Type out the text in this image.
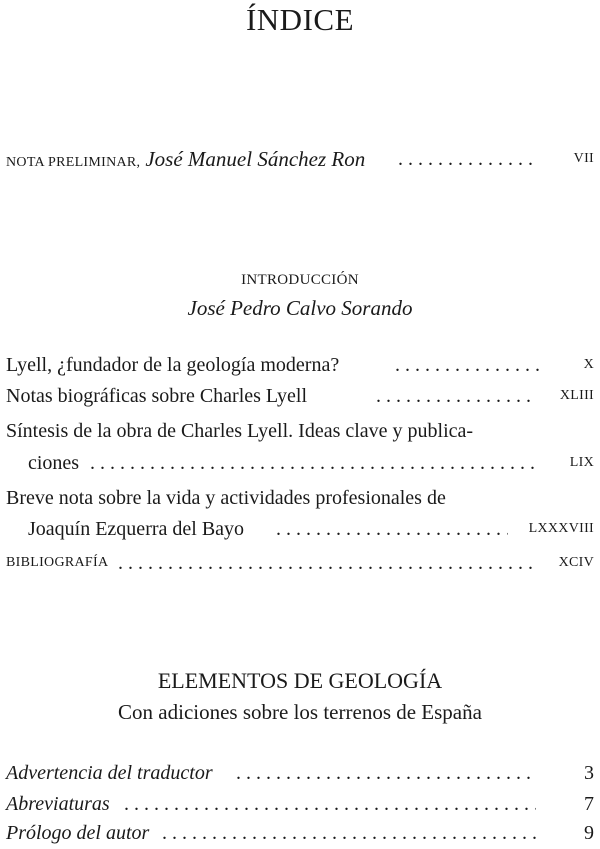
ÍNDICE
NOTA PRELIMINAR, José Manuel Sánchez Ron . . .	VII
INTRODUCCIÓN
José Pedro Calvo Sorando
Lyell, ¿fundador de la geología moderna? . . .	X
Notas biográficas sobre Charles Lyell . . .	XLIII
Síntesis de la obra de Charles Lyell. Ideas clave y publica-
ciones . . .	LIX
Breve nota sobre la vida y actividades profesionales de
Joaquín Ezquerra del Bayo . . .	LXXXVIII
BIBLIOGRAFÍA . . .	XCIV
ELEMENTOS DE GEOLOGÍA
Con adiciones sobre los terrenos de España
Advertencia del traductor . . .	3
Abreviaturas . . .	7
Prólogo del autor . . .	9
